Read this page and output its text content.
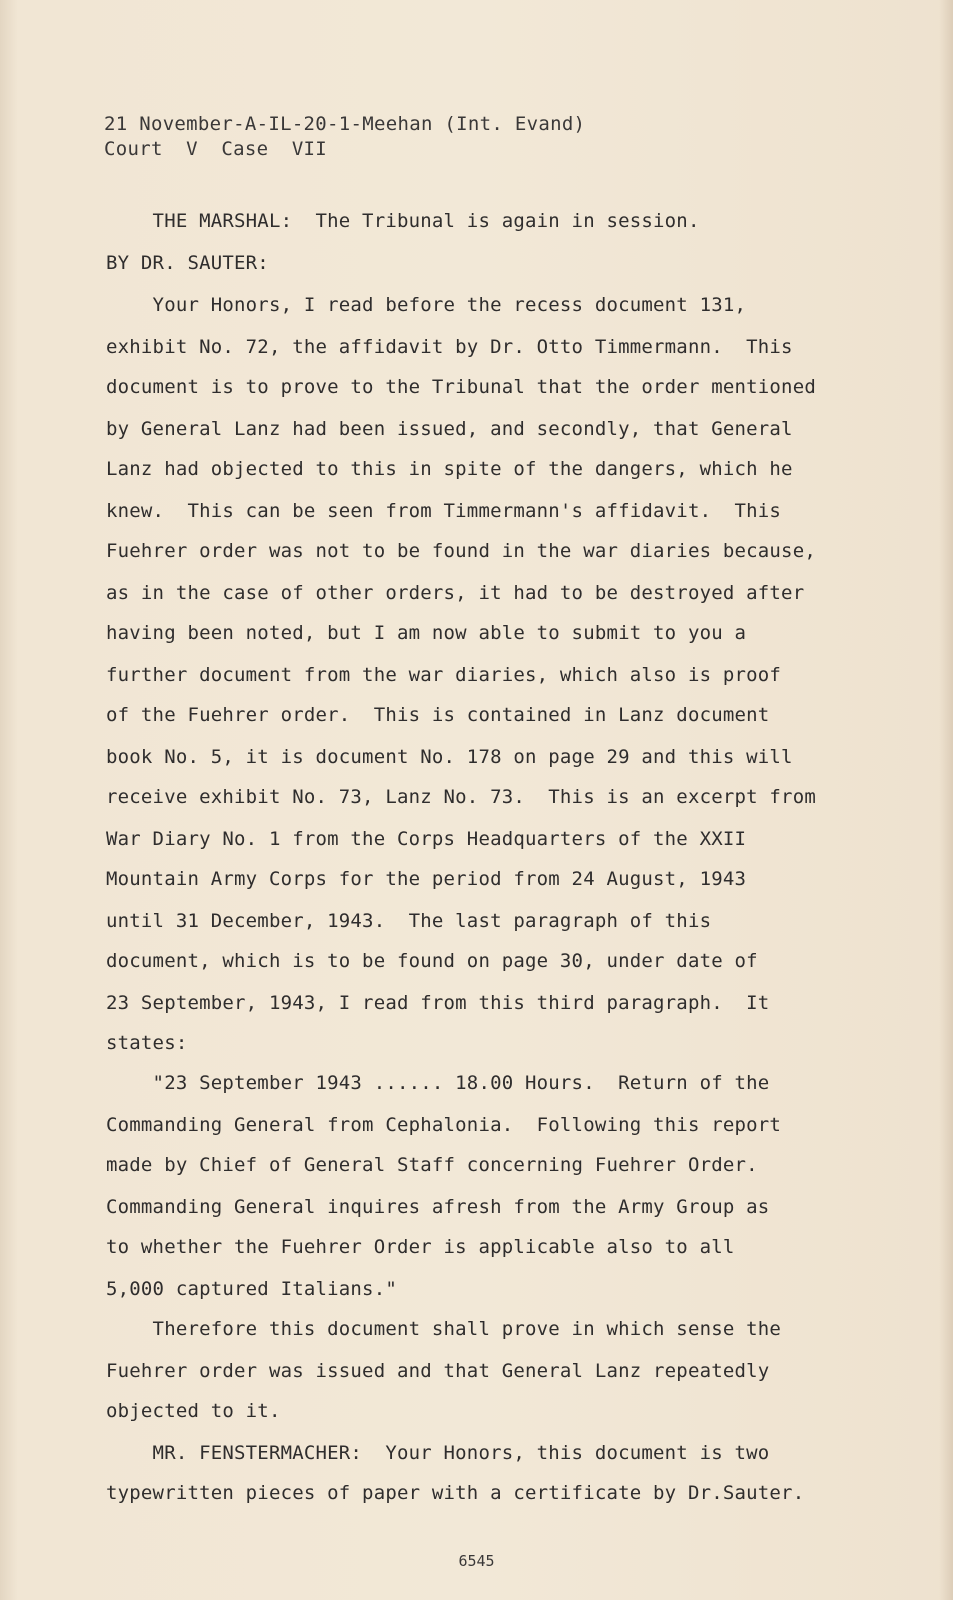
21 November-A-IL-20-1-Meehan (Int. Evand)
Court  V  Case  VII
THE MARSHAL:  The Tribunal is again in session.
BY DR. SAUTER:
Your Honors, I read before the recess document 131,
exhibit No. 72, the affidavit by Dr. Otto Timmermann.  This
document is to prove to the Tribunal that the order mentioned
by General Lanz had been issued, and secondly, that General
Lanz had objected to this in spite of the dangers, which he
knew.  This can be seen from Timmermann's affidavit.  This
Fuehrer order was not to be found in the war diaries because,
as in the case of other orders, it had to be destroyed after
having been noted, but I am now able to submit to you a
further document from the war diaries, which also is proof
of the Fuehrer order.  This is contained in Lanz document
book No. 5, it is document No. 178 on page 29 and this will
receive exhibit No. 73, Lanz No. 73.  This is an excerpt from
War Diary No. 1 from the Corps Headquarters of the XXII
Mountain Army Corps for the period from 24 August, 1943
until 31 December, 1943.  The last paragraph of this
document, which is to be found on page 30, under date of
23 September, 1943, I read from this third paragraph.  It
states:
"23 September 1943 ...... 18.00 Hours.  Return of the
Commanding General from Cephalonia.  Following this report
made by Chief of General Staff concerning Fuehrer Order.
Commanding General inquires afresh from the Army Group as
to whether the Fuehrer Order is applicable also to all
5,000 captured Italians."
Therefore this document shall prove in which sense the
Fuehrer order was issued and that General Lanz repeatedly
objected to it.
MR. FENSTERMACHER:  Your Honors, this document is two
typewritten pieces of paper with a certificate by Dr.Sauter.
6545
